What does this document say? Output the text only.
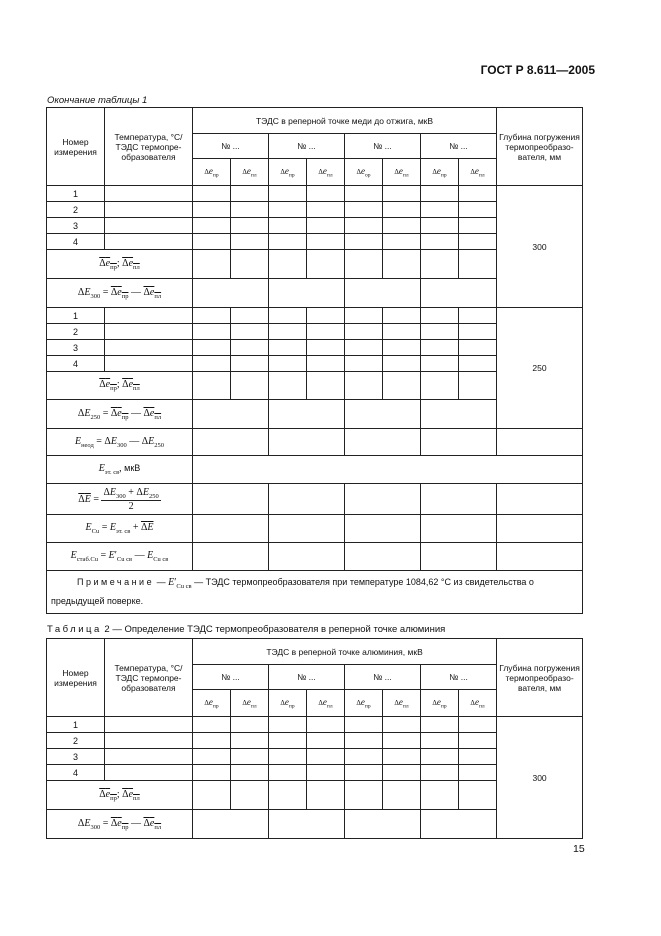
ГОСТ Р 8.611—2005
Окончание таблицы 1
Номер измерения	Температура, °С/ТЭДС термопре-образователя	ТЭДС в реперной точке меди до отжига, мкВ								Глубина погружения термопреобразо-вателя, мм
		№ ...		№ ...		№ ...		№ ...		
		$\Delta e_{пр}$	$\Delta e_{пл}$	$\Delta e_{пр}$	$\Delta e_{пл}$	$\Delta e_{ор}$	$\Delta e_{пл}$	$\Delta e_{пр}$	$\Delta e_{пл}$
1										300
2										
3										
4										
$\Delta e_{пр}$; $\Delta e_{пл}$								
$\Delta E_{300} = \Delta e_{пр}$ — $\Delta e_{пл}$				
1										250
2										
3										
4										
$\Delta e_{пр}$; $\Delta e_{пл}$								
$\Delta E_{250} = \Delta e_{пр}$ — $\Delta e_{пл}$				
$E_{неод} = \Delta E_{300}$ — $\Delta E_{250}$					
$E_{эт. св}$, мкВ										
$\Delta E = \frac{\Delta E_{300} + \Delta E_{250}}{2}$

$E_{Cu} = E_{эт. св} + \Delta E$										
$E_{стаб.Cu} = E'_{Cu св}$ — $E_{Cu св}$					
Примечание — $E'_{Cu св}$ — ТЭДС термопреобразователя при температуре 1084,62 °С из свидетельства о предыдущей поверке.										
Таблица 2 — Определение ТЭДС термопреобразователя в реперной точке алюминия
Номер измерения	Температура, °С/ТЭДС термопре-образователя	ТЭДС в реперной точке алюминия, мкВ								Глубина погружения термопреобразо-вателя, мм
		№ ...		№ ...		№ ...		№ ...		
		$\Delta e_{пр}$	$\Delta e_{пл}$	$\Delta e_{пр}$	$\Delta e_{пл}$	$\Delta e_{пр}$	$\Delta e_{пл}$	$\Delta e_{пр}$	$\Delta e_{пл}$
1										300
2										
3										
4										
$\Delta e_{пр}$; $\Delta e_{пл}$								
$\Delta E_{300} = \Delta e_{пр}$ — $\Delta e_{пл}$				
15
